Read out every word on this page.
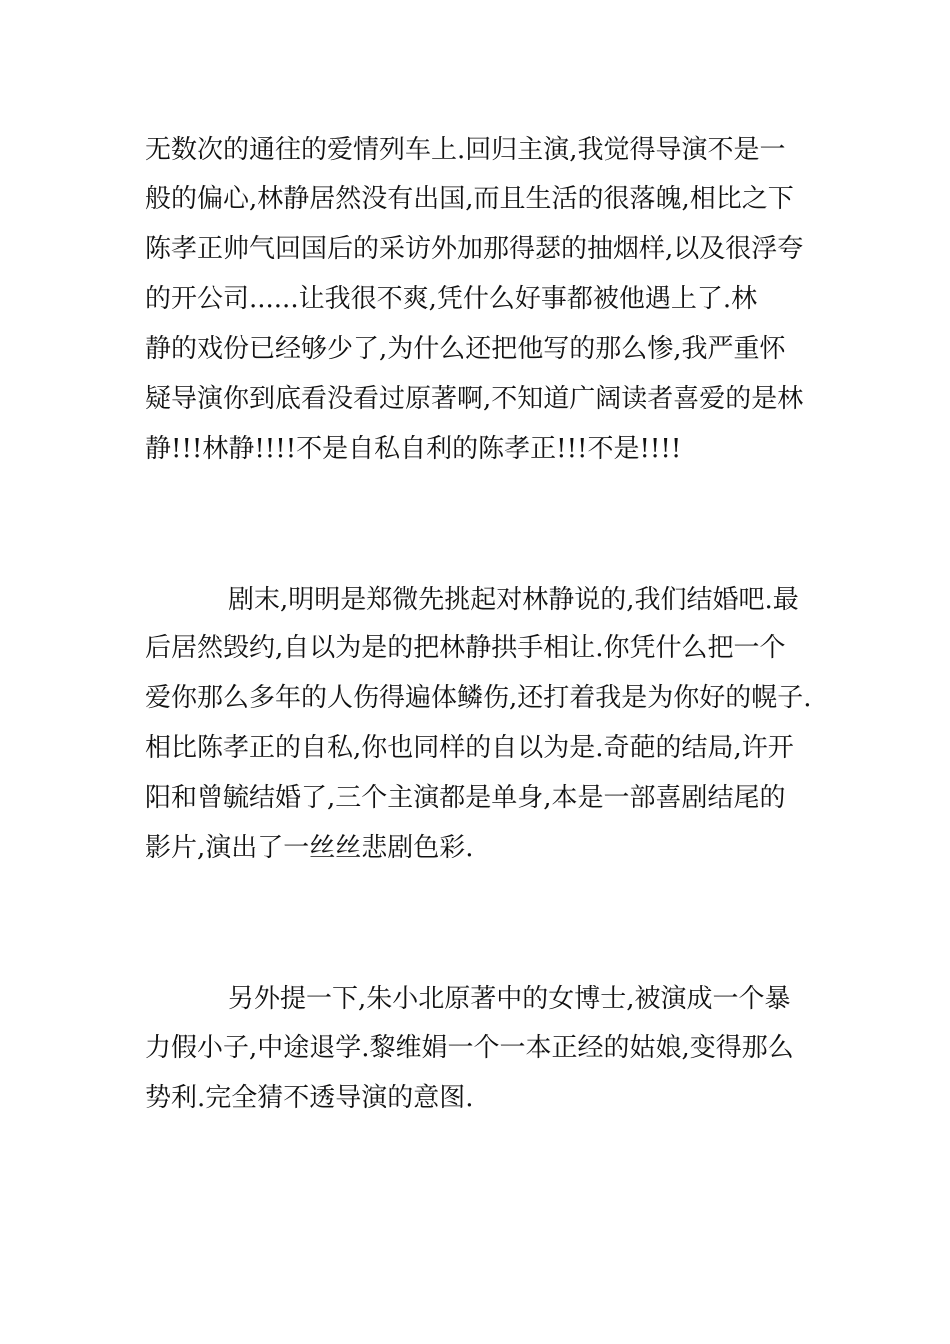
无数次的通往的爱情列车上.回归主演,我觉得导演不是一
般的偏心,林静居然没有出国,而且生活的很落魄,相比之下
陈孝正帅气回国后的采访外加那得瑟的抽烟样,以及很浮夸
的开公司......让我很不爽,凭什么好事都被他遇上了.林
静的戏份已经够少了,为什么还把他写的那么惨,我严重怀
疑导演你到底看没看过原著啊,不知道广阔读者喜爱的是林
静!!!林静!!!!不是自私自利的陈孝正!!!不是!!!!
剧末,明明是郑微先挑起对林静说的,我们结婚吧.最
后居然毁约,自以为是的把林静拱手相让.你凭什么把一个
爱你那么多年的人伤得遍体鳞伤,还打着我是为你好的幌子.
相比陈孝正的自私,你也同样的自以为是.奇葩的结局,许开
阳和曾毓结婚了,三个主演都是单身,本是一部喜剧结尾的
影片,演出了一丝丝悲剧色彩.
另外提一下,朱小北原著中的女博士,被演成一个暴
力假小子,中途退学.黎维娟一个一本正经的姑娘,变得那么
势利.完全猜不透导演的意图.
